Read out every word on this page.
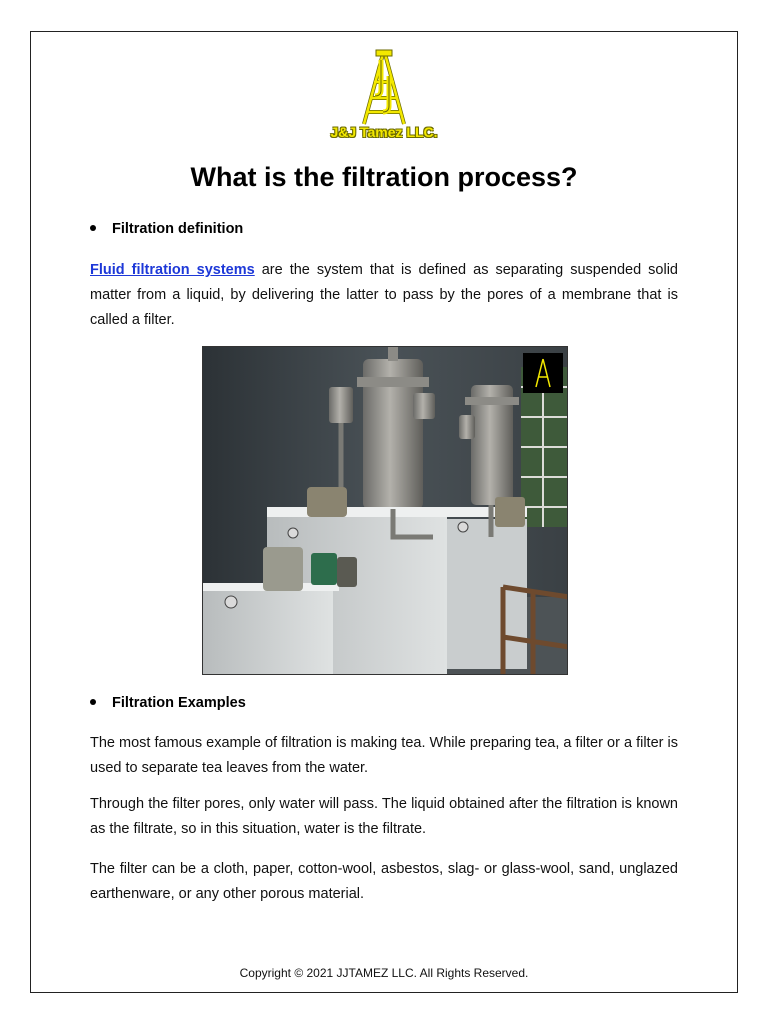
J&J Tamez LLC.
What is the filtration process?
Filtration definition

Fluid filtration systems are the system that is defined as separating suspended solid matter from a liquid, by delivering the latter to pass by the pores of a membrane that is called a filter.

Filtration Examples

The most famous example of filtration is making tea. While preparing tea, a filter or a filter is used to separate tea leaves from the water.

Through the filter pores, only water will pass. The liquid obtained after the filtration is known as the filtrate, so in this situation, water is the filtrate.

The filter can be a cloth, paper, cotton-wool, asbestos, slag- or glass-wool, sand, unglazed earthenware, or any other porous material.

Copyright © 2021 JJTAMEZ LLC. All Rights Reserved.
